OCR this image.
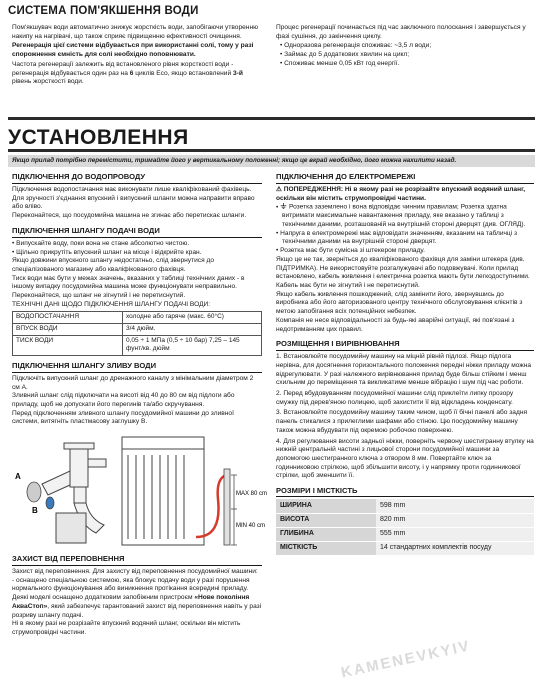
СИСТЕМА ПОМ'ЯКШЕННЯ ВОДИ

Пом'якшувач води автоматично знижує жорсткість води, запобігаючи утворенню накипу на нагрівачі, що також сприяє підвищенню ефективності очищення.

Регенерація цієї системи відбувається при використанні солі, тому у разі спорожнення ємність для солі необхідно поповнювати.

Частота регенерації залежить від встановленого рівня жорсткості води - регенерація відбувається один раз на 6 циклів Eco, якщо встановлений 3-й рівень жорсткості води.

Процес регенерації починається під час заключного полоскання і завершується у фазі сушіння, до закінчення циклу.

• Одноразова регенерація споживає: ~3,5 л води;
• Займає до 5 додаткових хвилин на цикл;
• Споживає менше 0,05 кВт год енергії.
УСТАНОВЛЕННЯ
Якщо прилад потрібно перемістити, тримайте його у вертикальному положенні; якщо це вкрай необхідно, його можна нахилити назад.
ПІДКЛЮЧЕННЯ ДО ВОДОПРОВОДУ

Підключення водопостачання має виконувати лише кваліфікований фахівець.

Для зручності з'єднання впускний і випускний шланги можна направити вправо або вліво.

Переконайтеся, що посудомийна машина не згинає або перетискає шланги.

ПІДКЛЮЧЕННЯ ШЛАНГУ ПОДАЧІ ВОДИ
• Випускайте воду, поки вона не стане абсолютно чистою.
• Щільно прикрутіть впускний шланг на місце і відкрийте кран.

Якщо довжини впускного шлангу недостатньо, слід звернутися до спеціалізованого магазину або кваліфікованого фахівця.

Тиск води має бути у межах значень, вказаних у таблиці технічних даних - в іншому випадку посудомийна машина може функціонувати неправильно.

Переконайтеся, що шланг не зігнутий і не перетиснутий.

ТЕХНІЧНІ ДАНІ ЩОДО ПІДКЛЮЧЕННЯ ШЛАНГУ ПОДАЧІ ВОДИ:

ВОДОПОСТАЧАННЯ	холодне або гаряче (макс. 60°C)
ВПУСК ВОДИ	3/4 дюйм.
ТИСК ВОДИ	0,05 ÷ 1 МПа (0,5 ÷ 10 бар) 7,25 – 145 фунт/кв. дюйм
ПІДКЛЮЧЕННЯ ШЛАНГУ ЗЛИВУ ВОДИ

Підключіть випускний шланг до дренажного каналу з мінімальним діаметром 2 см A.

Зливний шланг слід підключати на висоті від 40 до 80 см від підлоги або приладу, щоб не допускати його перегинів та/або скручування.

Перед підключенням зливного шлангу посудомийної машини до зливної системи, витягніть пластмасову заглушку B.

A
B
MAX 80 cm
MIN 40 cm
ЗАХИСТ ВІД ПЕРЕПОВНЕННЯ

Захист від переповнення. Для захисту від переповнення посудомийної машини:

- оснащено спеціальною системою, яка блокує подачу води у разі порушення нормального функціонування або виникнення протікання всередині приладу.

Деякі моделі оснащено додатковим запобіжним пристроєм «Нове покоління АкваСтоп», який забезпечує гарантований захист від переповнення навіть у разі розриву шлангу подачі.

Ні в якому разі не розрізайте впускний водяний шланг, оскільки він містить струмопровідні частини.

ПІДКЛЮЧЕННЯ ДО ЕЛЕКТРОМЕРЕЖІ

⚠ ПОПЕРЕДЖЕННЯ: Ні в якому разі не розрізайте впускний водяний шланг, оскільки він містить струмопровідні частини.

• Розетка заземлено і вона відповідає чинним правилам; Розетка здатна витримати максимальне навантаження приладу, яке вказано у таблиці з технічними даними, розташованій на внутрішній стороні дверцят (див. ОГЛЯД).
• Напруга в електромережі має відповідати значенням, вказаним на табличці з технічними даними на внутрішній стороні дверцят.
• Розетка має бути сумісна зі штекером приладу.

Якщо це не так, зверніться до кваліфікованого фахівця для заміни штекера (див. ПІДТРИМКА). Не використовуйте розгалужувачі або подовжувачі. Коли прилад встановлено, кабель живлення і електрична розетка мають бути легкодоступними.

Кабель має бути не зігнутий і не перетиснутий.

Якщо кабель живлення пошкоджений, слід замінити його, звернувшись до виробника або його авторизованого центру технічного обслуговування клієнтів з метою запобігання всіх потенційних небезпек.

Компанія не несе відповідальності за будь-які аварійні ситуації, які пов'язані з недотриманням цих правил.

РОЗМІЩЕННЯ І ВИРІВНЮВАННЯ
1. Встановлюйте посудомийну машину на міцній рівній підлозі. Якщо підлога нерівна, для досягнення горизонтального положення передні ніжки приладу можна відрегулювати. У разі належного вирівнювання прилад буде більш стійким і менш схильним до переміщення та викликатиме менше вібрацію і шум під час роботи.
2. Перед вбудовуванням посудомийної машини слід приклеїти липку прозору смужку під дерев'яною полицею, щоб захистити її від відкладень конденсату.
3. Встановлюйте посудомийну машину таким чином, щоб її бічні панелі або задня панель стикалися з прилеглими шафами або стіною. Цю посудомийну машину також можна вбудувати під окремою робочою поверхнею.
4. Для регулювання висоти задньої ніжки, поверніть червону шестигранну втулку на нижній центральній частині з лицьової сторони посудомийної машини за допомогою шестигранного ключа з отвором 8 мм. Повертайте ключ за годинниковою стрілкою, щоб збільшити висоту, і у напрямку проти годинникової стрілки, щоб зменшити її.
РОЗМІРИ І МІСТКІСТЬ
ШИРИНА	598 mm
ВИСОТА	820 mm
ГЛИБИНА	555 mm
МІСТКІСТЬ	14 стандартних комплектів посуду
KAMENEVKYIV
